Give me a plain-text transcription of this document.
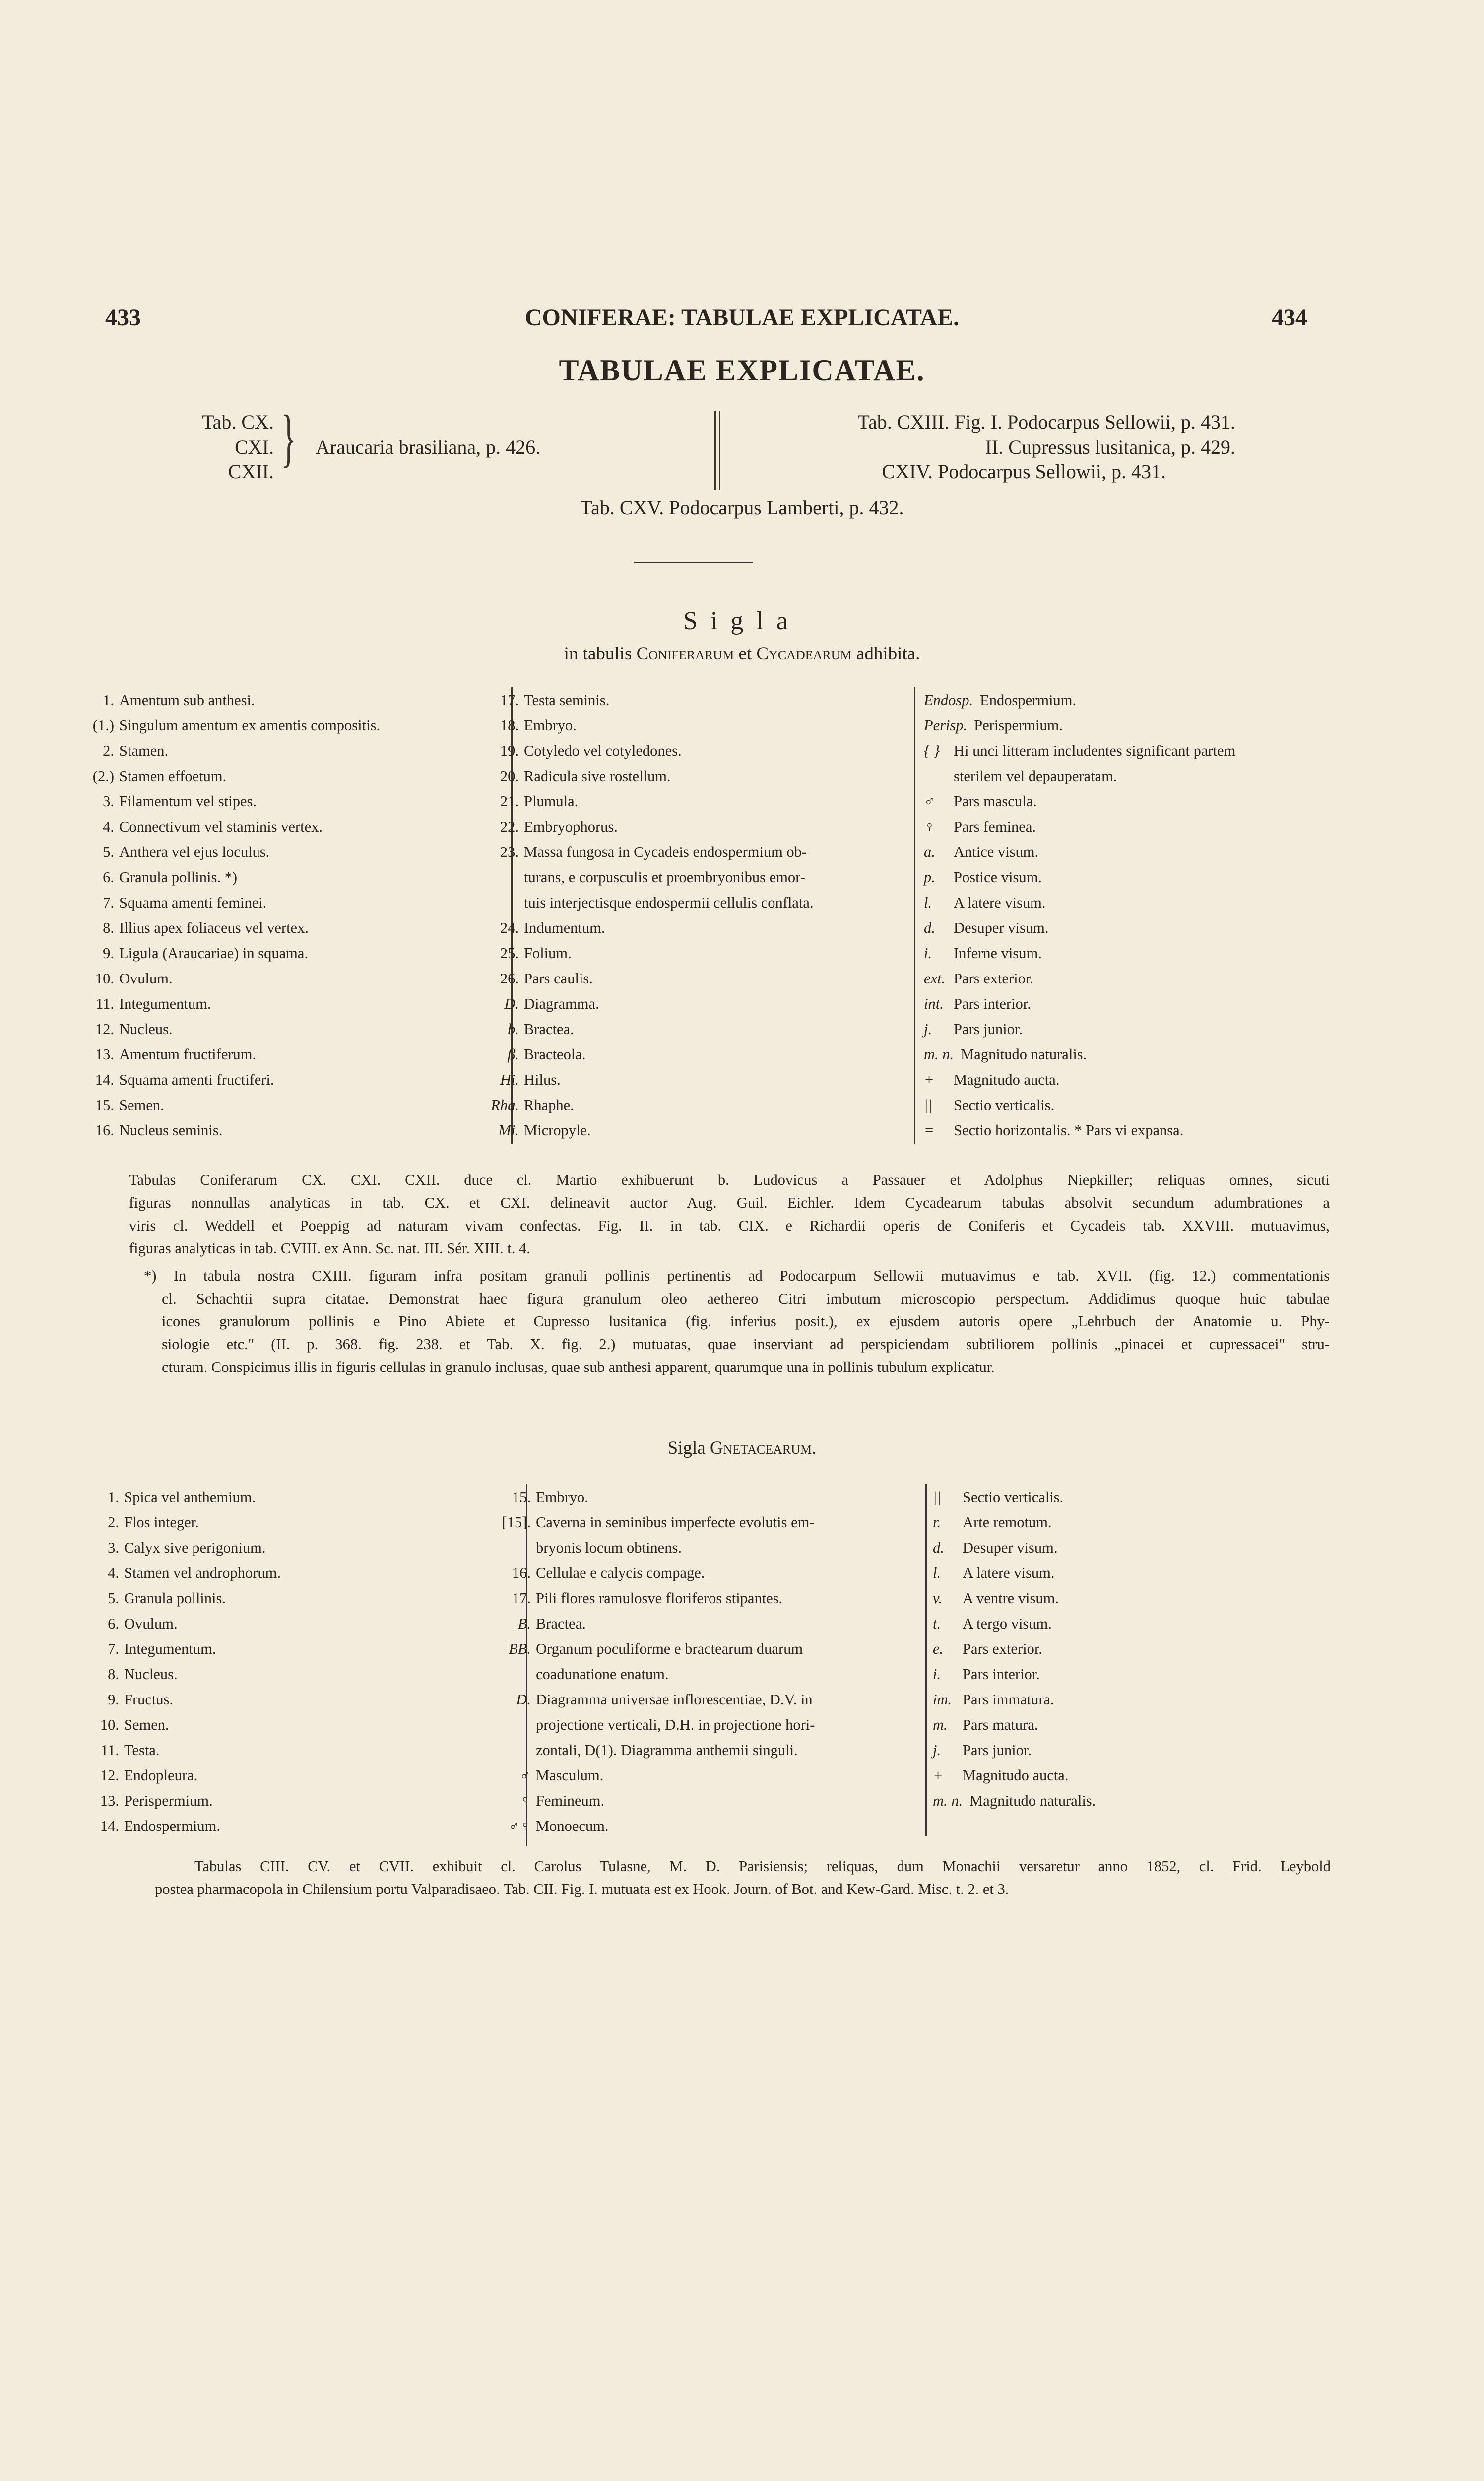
433	CONIFERAE: TABULAE EXPLICATAE.	434
TABULAE EXPLICATAE.
Tab. CX.
CXI.
CXII. } Araucaria brasiliana, p. 426.
Tab. CXIII. Fig. I. Podocarpus Sellowii, p. 431.
II. Cupressus lusitanica, p. 429.
CXIV. Podocarpus Sellowii, p. 431.
Tab. CXV. Podocarpus Lamberti, p. 432.
Sigla
in tabulis Coniferarum et Cycadearum adhibita.
1. Amentum sub anthesi.
(1.) Singulum amentum ex amentis compositis.
2. Stamen.
(2.) Stamen effoetum.
3. Filamentum vel stipes.
4. Connectivum vel staminis vertex.
5. Anthera vel ejus loculus.
6. Granula pollinis. *)
7. Squama amenti feminei.
8. Illius apex foliaceus vel vertex.
9. Ligula (Araucariae) in squama.
10. Ovulum.
11. Integumentum.
12. Nucleus.
13. Amentum fructiferum.
14. Squama amenti fructiferi.
15. Semen.
16. Nucleus seminis.
17. Testa seminis.
18. Embryo.
19. Cotyledo vel cotyledones.
20. Radicula sive rostellum.
21. Plumula.
22. Embryophorus.
23. Massa fungosa in Cycadeis endospermium ob-
turans, e corpusculis et proembryonibus emor-
tuis interjectisque endospermii cellulis conflata.
24. Indumentum.
25. Folium.
26. Pars caulis.
D. Diagramma.
b. Bractea.
β. Bracteola.
Hi. Hilus.
Rha. Rhaphe.
Mi. Micropyle.
Endosp. Endospermium.
Perisp. Perispermium.
{ } Hi unci litteram includentes significant partem
sterilem vel depauperatam.
♂ Pars mascula.
♀ Pars feminea.
a. Antice visum.
p. Postice visum.
l. A latere visum.
d. Desuper visum.
i. Inferne visum.
ext. Pars exterior.
int. Pars interior.
j. Pars junior.
m. n. Magnitudo naturalis.
+ Magnitudo aucta.
|| Sectio verticalis.
= Sectio horizontalis. * Pars vi expansa.
Tabulas Coniferarum CX. CXI. CXII. duce cl. Martio exhibuerunt b. Ludovicus a Passauer et Adolphus Niepkiller; reliquas omnes, sicuti
figuras nonnullas analyticas in tab. CX. et CXI. delineavit auctor Aug. Guil. Eichler. Idem Cycadearum tabulas absolvit secundum adumbrationes a
viris cl. Weddell et Poeppig ad naturam vivam confectas. Fig. II. in tab. CIX. e Richardii operis de Coniferis et Cycadeis tab. XXVIII. mutuavimus,
figuras analyticas in tab. CVIII. ex Ann. Sc. nat. III. Sér. XIII. t. 4.
*) In tabula nostra CXIII. figuram infra positam granuli pollinis pertinentis ad Podocarpum Sellowii mutuavimus e tab. XVII. (fig. 12.) commentationis
cl. Schachtii supra citatae. Demonstrat haec figura granulum oleo aethereo Citri imbutum microscopio perspectum. Addidimus quoque huic tabulae
icones granulorum pollinis e Pino Abiete et Cupresso lusitanica (fig. inferius posit.), ex ejusdem autoris opere „Lehrbuch der Anatomie u. Phy-
siologie etc." (II. p. 368. fig. 238. et Tab. X. fig. 2.) mutuatas, quae inserviant ad perspiciendam subtiliorem pollinis „pinacei et cupressacei" stru-
cturam. Conspicimus illis in figuris cellulas in granulo inclusas, quae sub anthesi apparent, quarumque una in pollinis tubulum explicatur.
Sigla Gnetacearum.
1. Spica vel anthemium.
2. Flos integer.
3. Calyx sive perigonium.
4. Stamen vel androphorum.
5. Granula pollinis.
6. Ovulum.
7. Integumentum.
8. Nucleus.
9. Fructus.
10. Semen.
11. Testa.
12. Endopleura.
13. Perispermium.
14. Endospermium.
15. Embryo.
[15]. Caverna in seminibus imperfecte evolutis em-
bryonis locum obtinens.
16. Cellulae e calycis compage.
17. Pili flores ramulosve floriferos stipantes.
B. Bractea.
BB. Organum poculiforme e bractearum duarum
coadunatione enatum.
D. Diagramma universae inflorescentiae, D.V. in
projectione verticali, D.H. in projectione hori-
zontali, D(1). Diagramma anthemii singuli.
♂ Masculum.
♀ Femineum.
♂♀ Monoecum.
|| Sectio verticalis.
r. Arte remotum.
d. Desuper visum.
l. A latere visum.
v. A ventre visum.
t. A tergo visum.
e. Pars exterior.
i. Pars interior.
im. Pars immatura.
m. Pars matura.
j. Pars junior.
+ Magnitudo aucta.
m. n. Magnitudo naturalis.
Tabulas CIII. CV. et CVII. exhibuit cl. Carolus Tulasne, M. D. Parisiensis; reliquas, dum Monachii versaretur anno 1852, cl. Frid. Leybold
postea pharmacopola in Chilensium portu Valparadisaeo. Tab. CII. Fig. I. mutuata est ex Hook. Journ. of Bot. and Kew-Gard. Misc. t. 2. et 3.
